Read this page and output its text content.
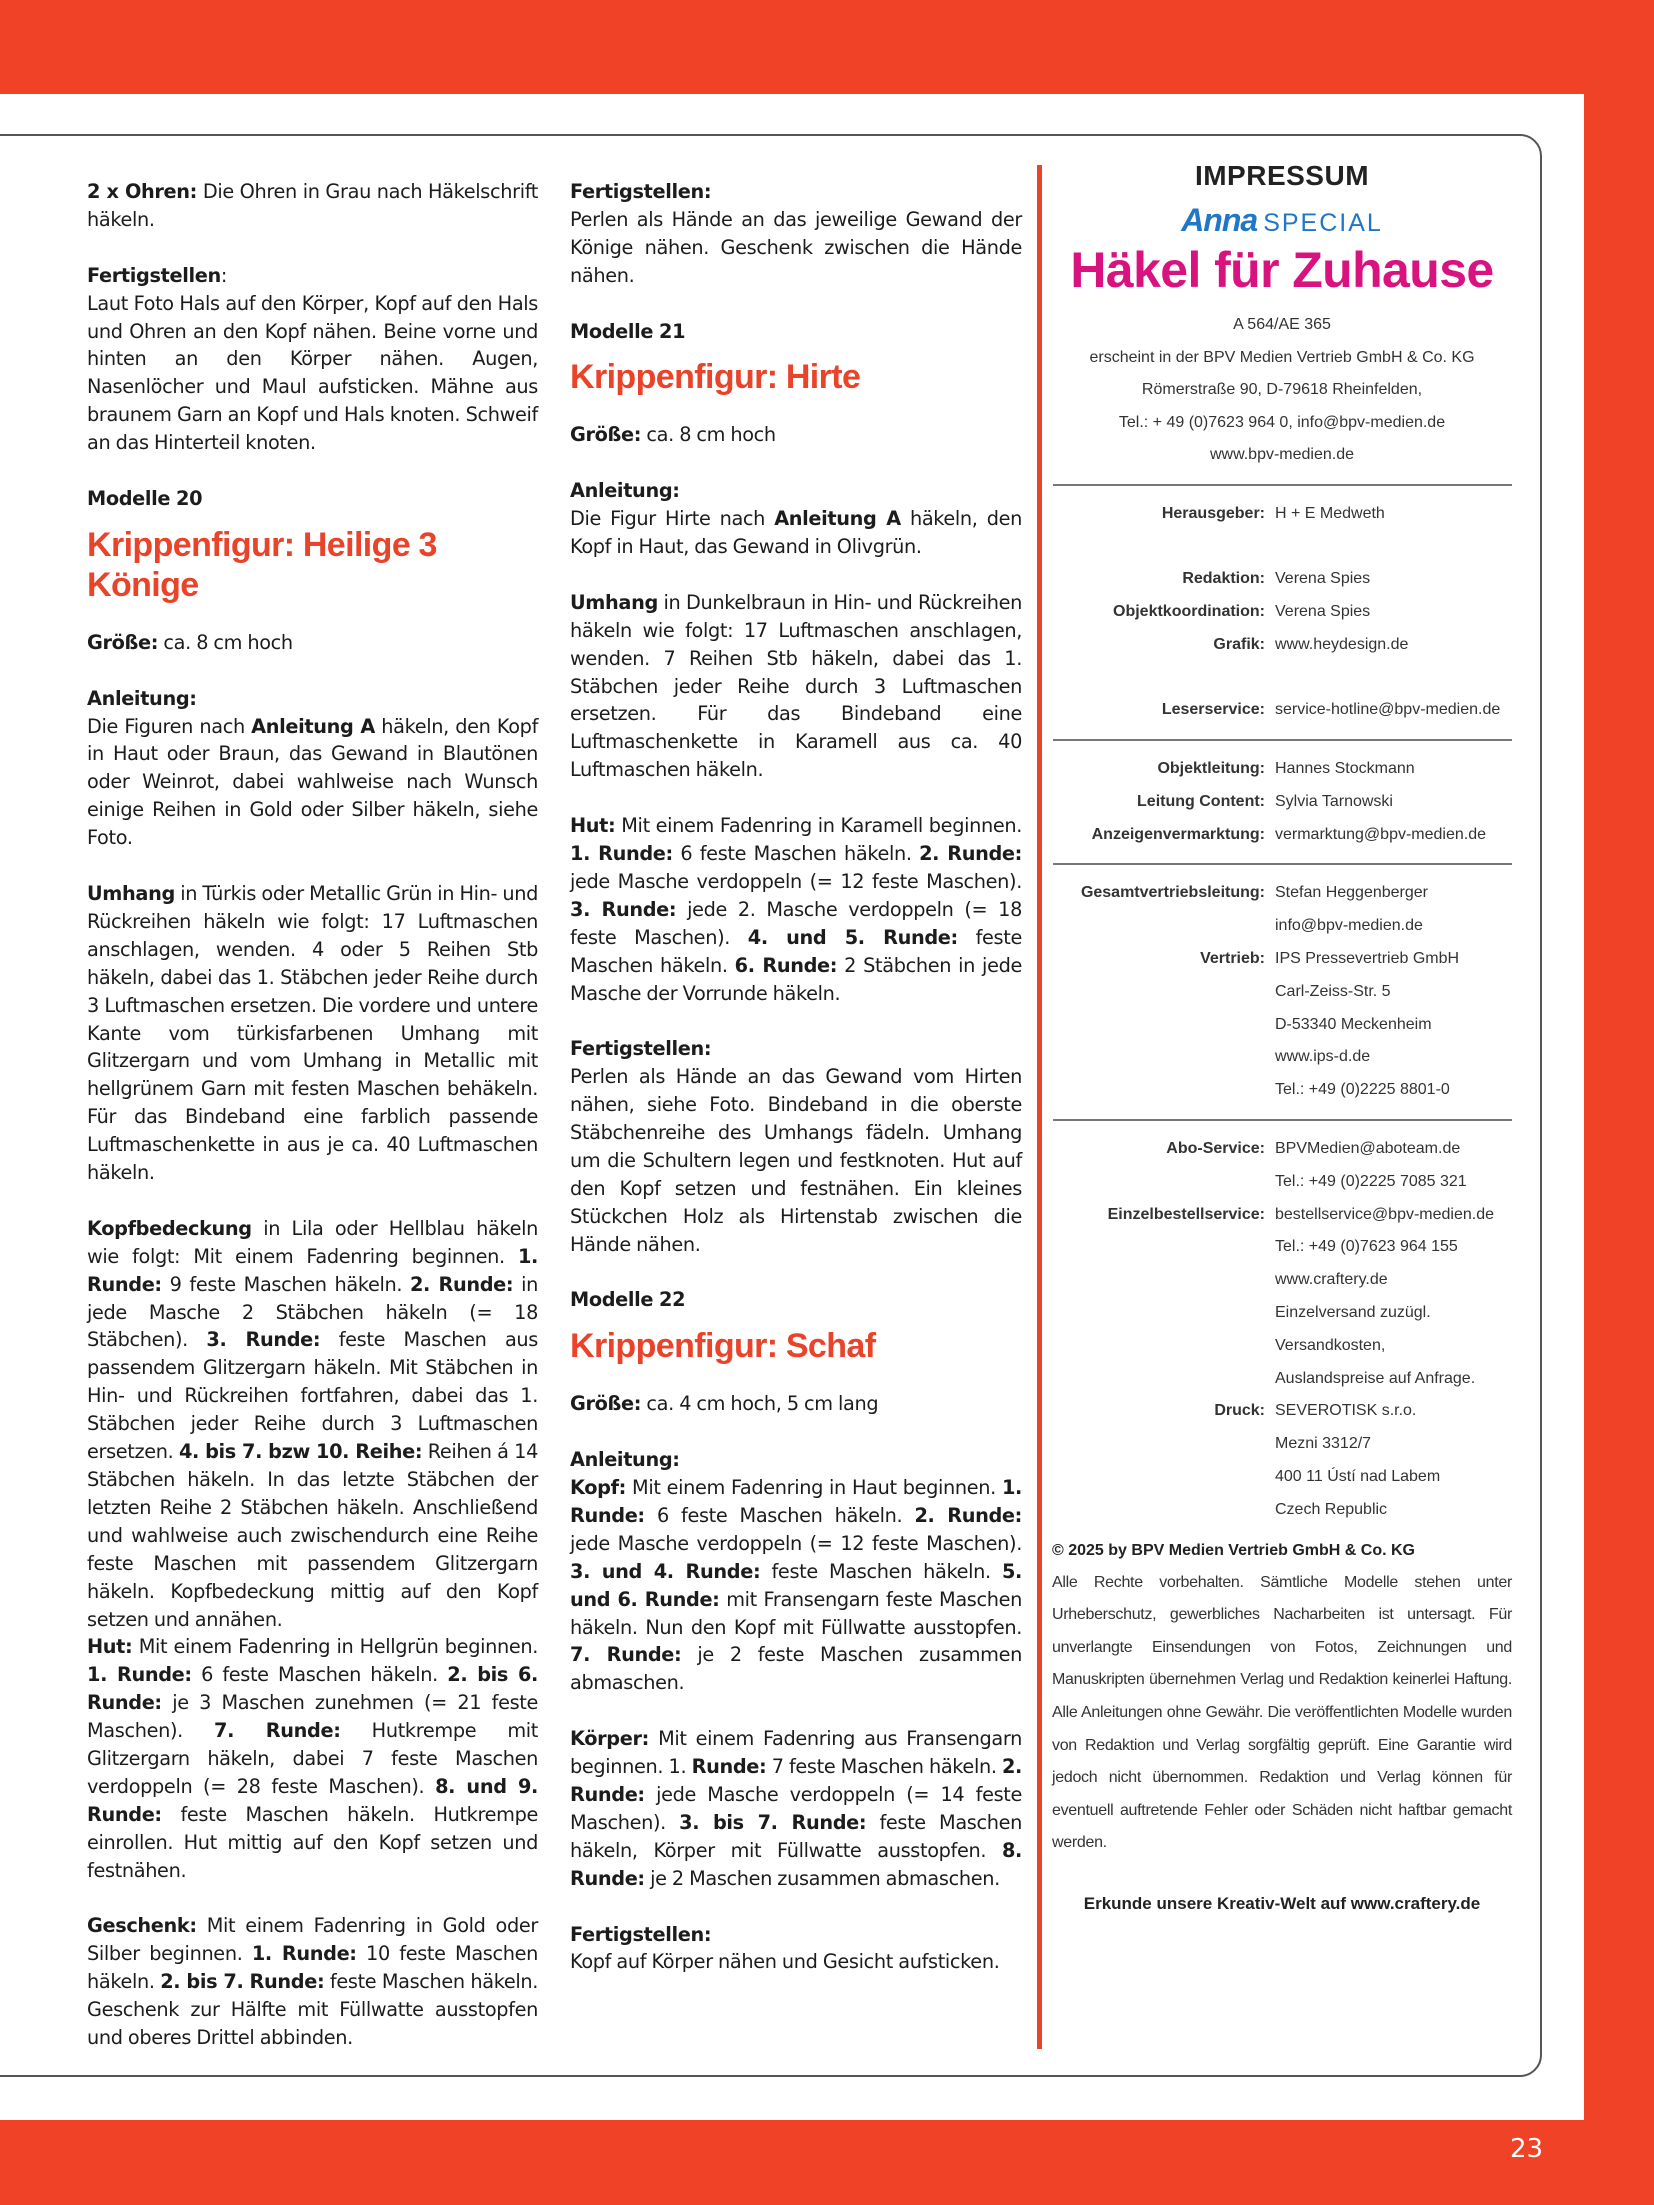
2 x Ohren: Die Ohren in Grau nach Häkelschrift häkeln.

Fertigstellen:

Laut Foto Hals auf den Körper, Kopf auf den Hals und Ohren an den Kopf nähen. Beine vorne und hinten an den Körper nähen. Augen, Nasenlöcher und Maul aufsticken. Mähne aus braunem Garn an Kopf und Hals knoten. Schweif an das Hinterteil knoten.

Modelle 20
Krippenfigur: Heilige 3 Könige

Größe: ca. 8 cm hoch

Anleitung:

Die Figuren nach Anleitung A häkeln, den Kopf in Haut oder Braun, das Gewand in Blautönen oder Weinrot, dabei wahlweise nach Wunsch einige Reihen in Gold oder Silber häkeln, siehe Foto.

Umhang in Türkis oder Metallic Grün in Hin- und Rückreihen häkeln wie folgt: 17 Luftmaschen anschlagen, wenden. 4 oder 5 Reihen Stb häkeln, dabei das 1. Stäbchen jeder Reihe durch 3 Luftmaschen ersetzen. Die vordere und untere Kante vom türkisfarbenen Umhang mit Glitzergarn und vom Umhang in Metallic mit hellgrünem Garn mit festen Maschen behäkeln. Für das Bindeband eine farblich passende Luftmaschenkette in aus je ca. 40 Luftmaschen häkeln.

Kopfbedeckung in Lila oder Hellblau häkeln wie folgt: Mit einem Fadenring beginnen. 1. Runde: 9 feste Maschen häkeln. 2. Runde: in jede Masche 2 Stäbchen häkeln (= 18 Stäbchen). 3. Runde: feste Maschen aus passendem Glitzergarn häkeln. Mit Stäbchen in Hin- und Rückreihen fortfahren, dabei das 1. Stäbchen jeder Reihe durch 3 Luftmaschen ersetzen. 4. bis 7. bzw 10. Reihe: Reihen á 14 Stäbchen häkeln. In das letzte Stäbchen der letzten Reihe 2 Stäbchen häkeln. Anschließend und wahlweise auch zwischendurch eine Reihe feste Maschen mit passendem Glitzergarn häkeln. Kopfbedeckung mittig auf den Kopf setzen und annähen.

Hut: Mit einem Fadenring in Hellgrün beginnen. 1. Runde: 6 feste Maschen häkeln. 2. bis 6. Runde: je 3 Maschen zunehmen (= 21 feste Maschen). 7. Runde: Hutkrempe mit Glitzergarn häkeln, dabei 7 feste Maschen verdoppeln (= 28 feste Maschen). 8. und 9. Runde: feste Maschen häkeln. Hutkrempe einrollen. Hut mittig auf den Kopf setzen und festnähen.

Geschenk: Mit einem Fadenring in Gold oder Silber beginnen. 1. Runde: 10 feste Maschen häkeln. 2. bis 7. Runde: feste Maschen häkeln. Geschenk zur Hälfte mit Füllwatte ausstopfen und oberes Drittel abbinden.

Fertigstellen:

Perlen als Hände an das jeweilige Gewand der Könige nähen. Geschenk zwischen die Hände nähen.

Modelle 21
Krippenfigur: Hirte

Größe: ca. 8 cm hoch

Anleitung:

Die Figur Hirte nach Anleitung A häkeln, den Kopf in Haut, das Gewand in Olivgrün.

Umhang in Dunkelbraun in Hin- und Rückreihen häkeln wie folgt: 17 Luftmaschen anschlagen, wenden. 7 Reihen Stb häkeln, dabei das 1. Stäbchen jeder Reihe durch 3 Luftmaschen ersetzen. Für das Bindeband eine Luftmaschenkette in Karamell aus ca. 40 Luftmaschen häkeln.

Hut: Mit einem Fadenring in Karamell beginnen. 1. Runde: 6 feste Maschen häkeln. 2. Runde: jede Masche verdoppeln (= 12 feste Maschen). 3. Runde: jede 2. Masche verdoppeln (= 18 feste Maschen). 4. und 5. Runde: feste Maschen häkeln. 6. Runde: 2 Stäbchen in jede Masche der Vorrunde häkeln.

Fertigstellen:

Perlen als Hände an das Gewand vom Hirten nähen, siehe Foto. Bindeband in die oberste Stäbchenreihe des Umhangs fädeln. Umhang um die Schultern legen und festknoten. Hut auf den Kopf setzen und festnähen. Ein kleines Stückchen Holz als Hirtenstab zwischen die Hände nähen.

Modelle 22
Krippenfigur: Schaf

Größe: ca. 4 cm hoch, 5 cm lang

Anleitung:

Kopf: Mit einem Fadenring in Haut beginnen. 1. Runde: 6 feste Maschen häkeln. 2. Runde: jede Masche verdoppeln (= 12 feste Maschen). 3. und 4. Runde: feste Maschen häkeln. 5. und 6. Runde: mit Fransengarn feste Maschen häkeln. Nun den Kopf mit Füllwatte ausstopfen. 7. Runde: je 2 feste Maschen zusammen abmaschen.

Körper: Mit einem Fadenring aus Fransengarn beginnen. 1. Runde: 7 feste Maschen häkeln. 2. Runde: jede Masche verdoppeln (= 14 feste Maschen). 3. bis 7. Runde: feste Maschen häkeln, Körper mit Füllwatte ausstopfen. 8. Runde: je 2 Maschen zusammen abmaschen.

Fertigstellen:

Kopf auf Körper nähen und Gesicht aufsticken.

IMPRESSUM
Anna SPECIAL
Häkel für Zuhause
A 564/AE 365
erscheint in der BPV Medien Vertrieb GmbH & Co. KG
Römerstraße 90, D-79618 Rheinfelden,
Tel.: + 49 (0)7623 964 0, info@bpv-medien.de
www.bpv-medien.de
Herausgeber: H + E Medweth
Redaktion: Verena Spies
Objektkoordination: Verena Spies
Grafik: www.heydesign.de
Leserservice: service-hotline@bpv-medien.de
Objektleitung: Hannes Stockmann
Leitung Content: Sylvia Tarnowski
Anzeigenvermarktung: vermarktung@bpv-medien.de
Gesamtvertriebsleitung: Stefan Heggenberger
info@bpv-medien.de
Vertrieb: IPS Pressevertrieb GmbH
Carl-Zeiss-Str. 5
D-53340 Meckenheim
www.ips-d.de
Tel.: +49 (0)2225 8801-0
Abo-Service: BPVMedien@aboteam.de
Tel.: +49 (0)2225 7085 321
Einzelbestellservice: bestellservice@bpv-medien.de
Tel.: +49 (0)7623 964 155
www.craftery.de
Einzelversand zuzügl.
Versandkosten,
Auslandspreise auf Anfrage.
Druck: SEVEROTISK s.r.o.
Mezni 3312/7
400 11 Ústí nad Labem
Czech Republic
© 2025 by BPV Medien Vertrieb GmbH & Co. KG
Alle Rechte vorbehalten. Sämtliche Modelle stehen unter Urheberschutz, gewerbliches Nacharbeiten ist untersagt. Für unverlangte Einsendungen von Fotos, Zeichnungen und Manuskripten übernehmen Verlag und Redaktion keinerlei Haftung. Alle Anleitungen ohne Gewähr. Die veröffentlichten Modelle wurden von Redaktion und Verlag sorgfältig geprüft. Eine Garantie wird jedoch nicht übernommen. Redaktion und Verlag können für eventuell auftretende Fehler oder Schäden nicht haftbar gemacht werden.
Erkunde unsere Kreativ-Welt auf www.craftery.de
23
